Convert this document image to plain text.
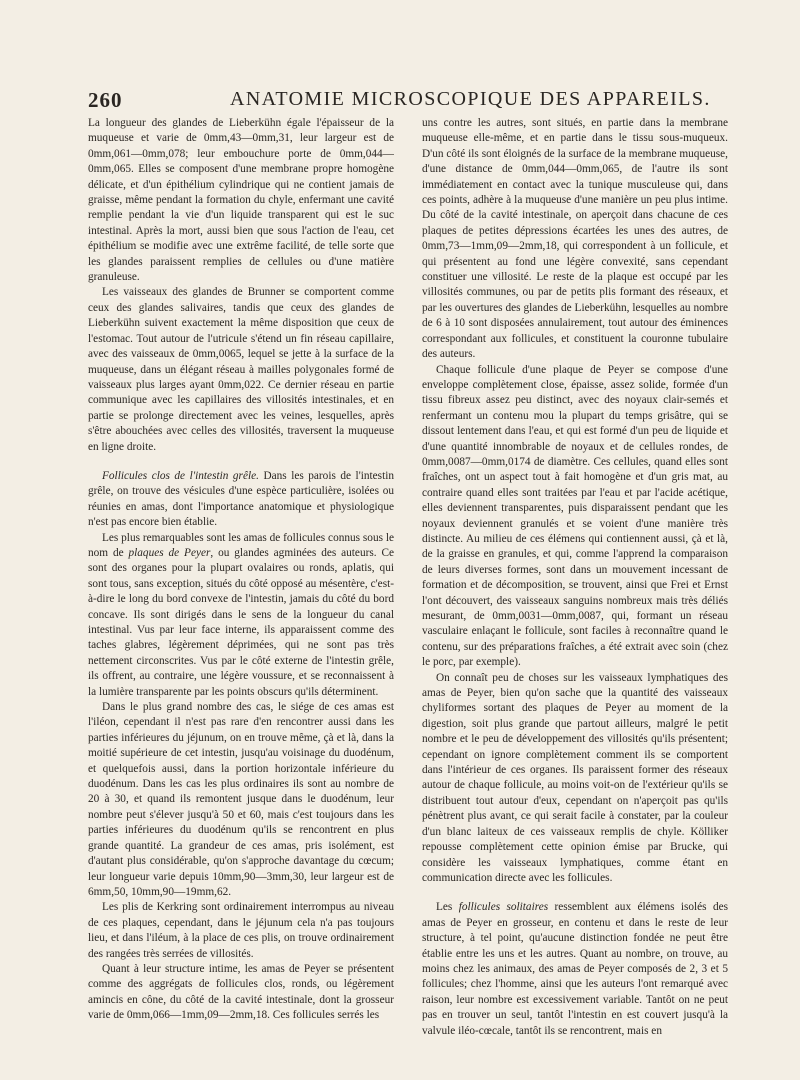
260	ANATOMIE MICROSCOPIQUE DES APPAREILS.

La longueur des glandes de Lieberkühn égale l'épaisseur de la muqueuse et varie de 0mm,43—0mm,31, leur largeur est de 0mm,061—0mm,078; leur embouchure porte de 0mm,044—0mm,065. Elles se composent d'une membrane propre homogène délicate, et d'un épithélium cylindrique qui ne contient jamais de graisse, même pendant la formation du chyle, enfermant une cavité remplie pendant la vie d'un liquide transparent qui est le suc intestinal. Après la mort, aussi bien que sous l'action de l'eau, cet épithélium se modifie avec une extrême facilité, de telle sorte que les glandes paraissent remplies de cellules ou d'une matière granuleuse.

Les vaisseaux des glandes de Brunner se comportent comme ceux des glandes salivaires, tandis que ceux des glandes de Lieberkühn suivent exactement la même disposition que ceux de l'estomac. Tout autour de l'utricule s'étend un fin réseau capillaire, avec des vaisseaux de 0mm,0065, lequel se jette à la surface de la muqueuse, dans un élégant réseau à mailles polygonales formé de vaisseaux plus larges ayant 0mm,022. Ce dernier réseau en partie communique avec les capillaires des villosités intestinales, et en partie se prolonge directement avec les veines, lesquelles, après s'être abouchées avec celles des villosités, traversent la muqueuse en ligne droite.

Follicules clos de l'intestin grêle. Dans les parois de l'intestin grêle, on trouve des vésicules d'une espèce particulière, isolées ou réunies en amas, dont l'importance anatomique et physiologique n'est pas encore bien établie.

Les plus remarquables sont les amas de follicules connus sous le nom de plaques de Peyer, ou glandes agminées des auteurs. Ce sont des organes pour la plupart ovalaires ou ronds, aplatis, qui sont tous, sans exception, situés du côté opposé au mésentère, c'est-à-dire le long du bord convexe de l'intestin, jamais du côté du bord concave. Ils sont dirigés dans le sens de la longueur du canal intestinal. Vus par leur face interne, ils apparaissent comme des taches glabres, légèrement déprimées, qui ne sont pas très nettement circonscrites. Vus par le côté externe de l'intestin grêle, ils offrent, au contraire, une légère voussure, et se reconnaissent à la lumière transparente par les points obscurs qu'ils déterminent.

Dans le plus grand nombre des cas, le siége de ces amas est l'iléon, cependant il n'est pas rare d'en rencontrer aussi dans les parties inférieures du jéjunum, on en trouve même, çà et là, dans la moitié supérieure de cet intestin, jusqu'au voisinage du duodénum, et quelquefois aussi, dans la portion horizontale inférieure du duodénum. Dans les cas les plus ordinaires ils sont au nombre de 20 à 30, et quand ils remontent jusque dans le duodénum, leur nombre peut s'élever jusqu'à 50 et 60, mais c'est toujours dans les parties inférieures du duodénum qu'ils se rencontrent en plus grande quantité. La grandeur de ces amas, pris isolément, est d'autant plus considérable, qu'on s'approche davantage du cœcum; leur longueur varie depuis 10mm,90—3mm,30, leur largeur est de 6mm,50, 10mm,90—19mm,62.

Les plis de Kerkring sont ordinairement interrompus au niveau de ces plaques, cependant, dans le jéjunum cela n'a pas toujours lieu, et dans l'iléum, à la place de ces plis, on trouve ordinairement des rangées très serrées de villosités.

Quant à leur structure intime, les amas de Peyer se présentent comme des aggrégats de follicules clos, ronds, ou légèrement amincis en cône, du côté de la cavité intestinale, dont la grosseur varie de 0mm,066—1mm,09—2mm,18. Ces follicules serrés les

uns contre les autres, sont situés, en partie dans la membrane muqueuse elle-même, et en partie dans le tissu sous-muqueux. D'un côté ils sont éloignés de la surface de la membrane muqueuse, d'une distance de 0mm,044—0mm,065, de l'autre ils sont immédiatement en contact avec la tunique musculeuse qui, dans ces points, adhère à la muqueuse d'une manière un peu plus intime. Du côté de la cavité intestinale, on aperçoit dans chacune de ces plaques de petites dépressions écartées les unes des autres, de 0mm,73—1mm,09—2mm,18, qui correspondent à un follicule, et qui présentent au fond une légère convexité, sans cependant constituer une villosité. Le reste de la plaque est occupé par les villosités communes, ou par de petits plis formant des réseaux, et par les ouvertures des glandes de Lieberkühn, lesquelles au nombre de 6 à 10 sont disposées annulairement, tout autour des éminences correspondant aux follicules, et constituent la couronne tubulaire des auteurs.

Chaque follicule d'une plaque de Peyer se compose d'une enveloppe complètement close, épaisse, assez solide, formée d'un tissu fibreux assez peu distinct, avec des noyaux clair-semés et renfermant un contenu mou la plupart du temps grisâtre, qui se dissout lentement dans l'eau, et qui est formé d'un peu de liquide et d'une quantité innombrable de noyaux et de cellules rondes, de 0mm,0087—0mm,0174 de diamètre. Ces cellules, quand elles sont fraîches, ont un aspect tout à fait homogène et d'un gris mat, au contraire quand elles sont traitées par l'eau et par l'acide acétique, elles deviennent transparentes, puis disparaissent pendant que les noyaux deviennent granulés et se voient d'une manière très distincte. Au milieu de ces élémens qui contiennent aussi, çà et là, de la graisse en granules, et qui, comme l'apprend la comparaison de leurs diverses formes, sont dans un mouvement incessant de formation et de décomposition, se trouvent, ainsi que Frei et Ernst l'ont découvert, des vaisseaux sanguins nombreux mais très déliés mesurant, de 0mm,0031—0mm,0087, qui, formant un réseau vasculaire enlaçant le follicule, sont faciles à reconnaître quand le contenu, sur des préparations fraîches, a été extrait avec soin (chez le porc, par exemple).

On connaît peu de choses sur les vaisseaux lymphatiques des amas de Peyer, bien qu'on sache que la quantité des vaisseaux chyliformes sortant des plaques de Peyer au moment de la digestion, soit plus grande que partout ailleurs, malgré le petit nombre et le peu de développement des villosités qu'ils présentent; cependant on ignore complètement comment ils se comportent dans l'intérieur de ces organes. Ils paraissent former des réseaux autour de chaque follicule, au moins voit-on de l'extérieur qu'ils se distribuent tout autour d'eux, cependant on n'aperçoit pas qu'ils pénètrent plus avant, ce qui serait facile à constater, par la couleur d'un blanc laiteux de ces vaisseaux remplis de chyle. Kölliker repousse complètement cette opinion émise par Brucke, qui considère les vaisseaux lymphatiques, comme étant en communication directe avec les follicules.

Les follicules solitaires ressemblent aux élémens isolés des amas de Peyer en grosseur, en contenu et dans le reste de leur structure, à tel point, qu'aucune distinction fondée ne peut être établie entre les uns et les autres. Quant au nombre, on trouve, au moins chez les animaux, des amas de Peyer composés de 2, 3 et 5 follicules; chez l'homme, ainsi que les auteurs l'ont remarqué avec raison, leur nombre est excessivement variable. Tantôt on ne peut pas en trouver un seul, tantôt l'intestin en est couvert jusqu'à la valvule iléo-cœcale, tantôt ils se rencontrent, mais en
